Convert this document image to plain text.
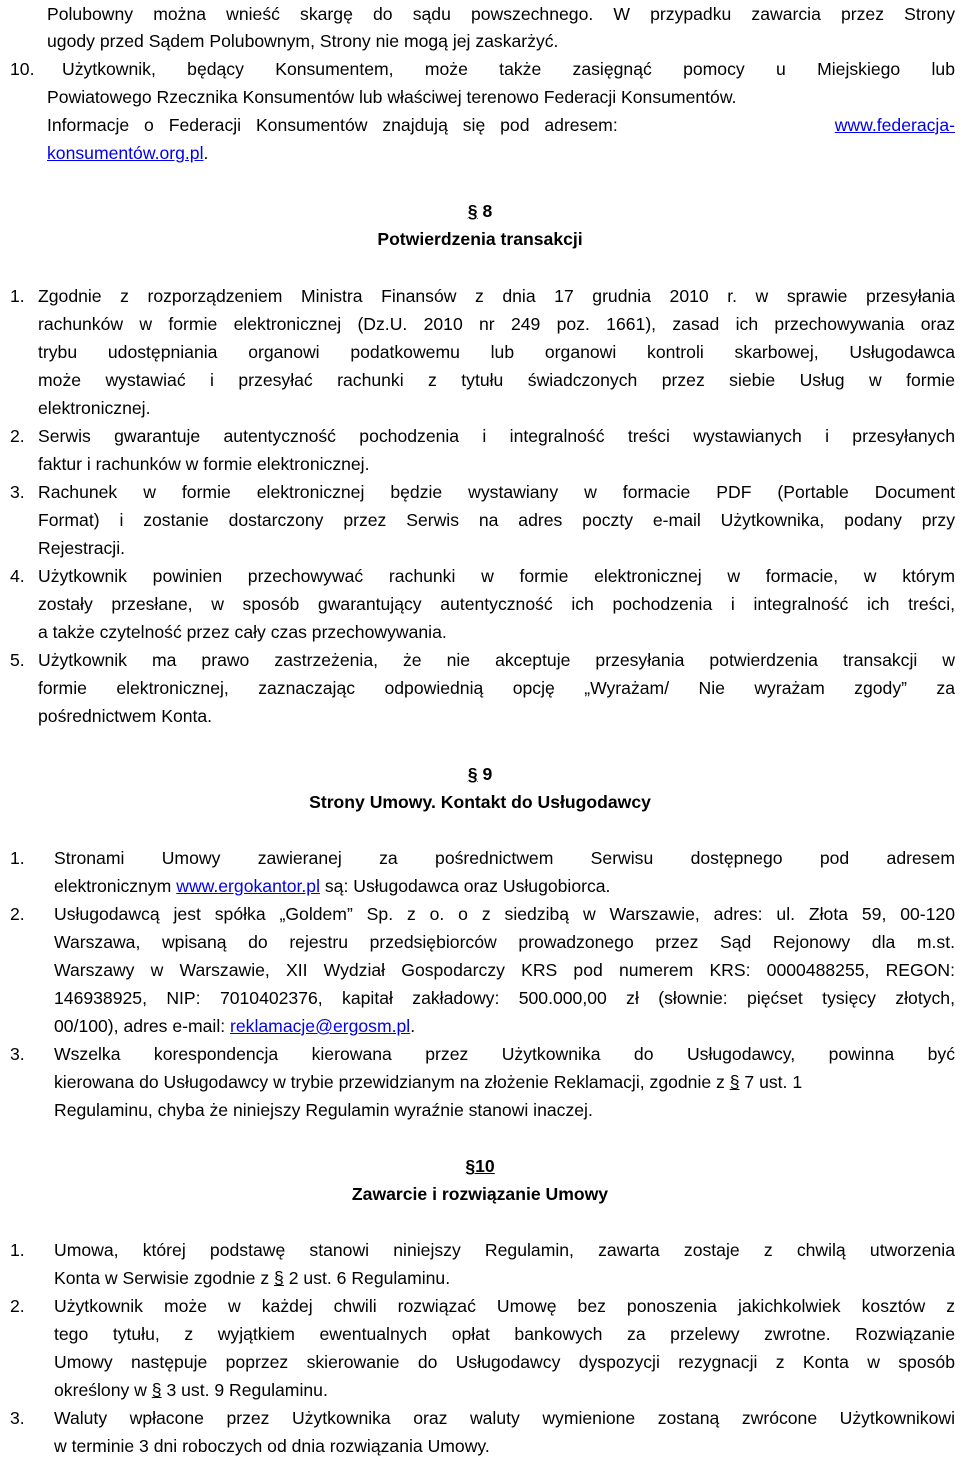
Polubowny można wnieść skargę do sądu powszechnego. W przypadku zawarcia przez Strony
ugody przed Sądem Polubownym, Strony nie mogą jej zaskarżyć.
10. Użytkownik, będący Konsumentem, może także zasięgnąć pomocy u Miejskiego lub
Powiatowego Rzecznika Konsumentów lub właściwej terenowo Federacji Konsumentów.
Informacje o Federacji Konsumentów znajdują się pod adresem:	www.federacja-
konsumentów.org.pl.
§ 8
Potwierdzenia transakcji
1. Zgodnie z rozporządzeniem Ministra Finansów z dnia 17 grudnia 2010 r. w sprawie przesyłania
rachunków w formie elektronicznej (Dz.U. 2010 nr 249 poz. 1661), zasad ich przechowywania oraz
trybu udostępniania organowi podatkowemu lub organowi kontroli skarbowej, Usługodawca
może wystawiać i przesyłać rachunki z tytułu świadczonych przez siebie Usług w formie
elektronicznej.
2. Serwis gwarantuje autentyczność pochodzenia i integralność treści wystawianych i przesyłanych
faktur i rachunków w formie elektronicznej.
3. Rachunek w formie elektronicznej będzie wystawiany w formacie PDF (Portable Document
Format) i zostanie dostarczony przez Serwis na adres poczty e-mail Użytkownika, podany przy
Rejestracji.
4. Użytkownik powinien przechowywać rachunki w formie elektronicznej w formacie, w którym
zostały przesłane, w sposób gwarantujący autentyczność ich pochodzenia i integralność ich treści,
a także czytelność przez cały czas przechowywania.
5. Użytkownik ma prawo zastrzeżenia, że nie akceptuje przesyłania potwierdzenia transakcji w
formie elektronicznej, zaznaczając odpowiednią opcję „Wyrażam/ Nie wyrażam zgody” za
pośrednictwem Konta.
§ 9
Strony Umowy. Kontakt do Usługodawcy
1. Stronami Umowy zawieranej za pośrednictwem Serwisu dostępnego pod adresem
elektronicznym www.ergokantor.pl są: Usługodawca oraz Usługobiorca.
2. Usługodawcą jest spółka „Goldem” Sp. z o. o z siedzibą w Warszawie, adres: ul. Złota 59, 00-120
Warszawa, wpisaną do rejestru przedsiębiorców prowadzonego przez Sąd Rejonowy dla m.st.
Warszawy w Warszawie, XII Wydział Gospodarczy KRS pod numerem KRS: 0000488255, REGON:
146938925, NIP: 7010402376, kapitał zakładowy: 500.000,00 zł (słownie: pięćset tysięcy złotych,
00/100), adres e-mail: reklamacje@ergosm.pl.
3. Wszelka korespondencja kierowana przez Użytkownika do Usługodawcy, powinna być
kierowana do Usługodawcy w trybie przewidzianym na złożenie Reklamacji, zgodnie z § 7 ust. 1
Regulaminu, chyba że niniejszy Regulamin wyraźnie stanowi inaczej.
§10
Zawarcie i rozwiązanie Umowy
1. Umowa, której podstawę stanowi niniejszy Regulamin, zawarta zostaje z chwilą utworzenia
Konta w Serwisie zgodnie z § 2 ust. 6 Regulaminu.
2. Użytkownik może w każdej chwili rozwiązać Umowę bez ponoszenia jakichkolwiek kosztów z
tego tytułu, z wyjątkiem ewentualnych opłat bankowych za przelewy zwrotne. Rozwiązanie
Umowy następuje poprzez skierowanie do Usługodawcy dyspozycji rezygnacji z Konta w sposób
określony w § 3 ust. 9 Regulaminu.
3. Waluty wpłacone przez Użytkownika oraz waluty wymienione zostaną zwrócone Użytkownikowi
w terminie 3 dni roboczych od dnia rozwiązania Umowy.
